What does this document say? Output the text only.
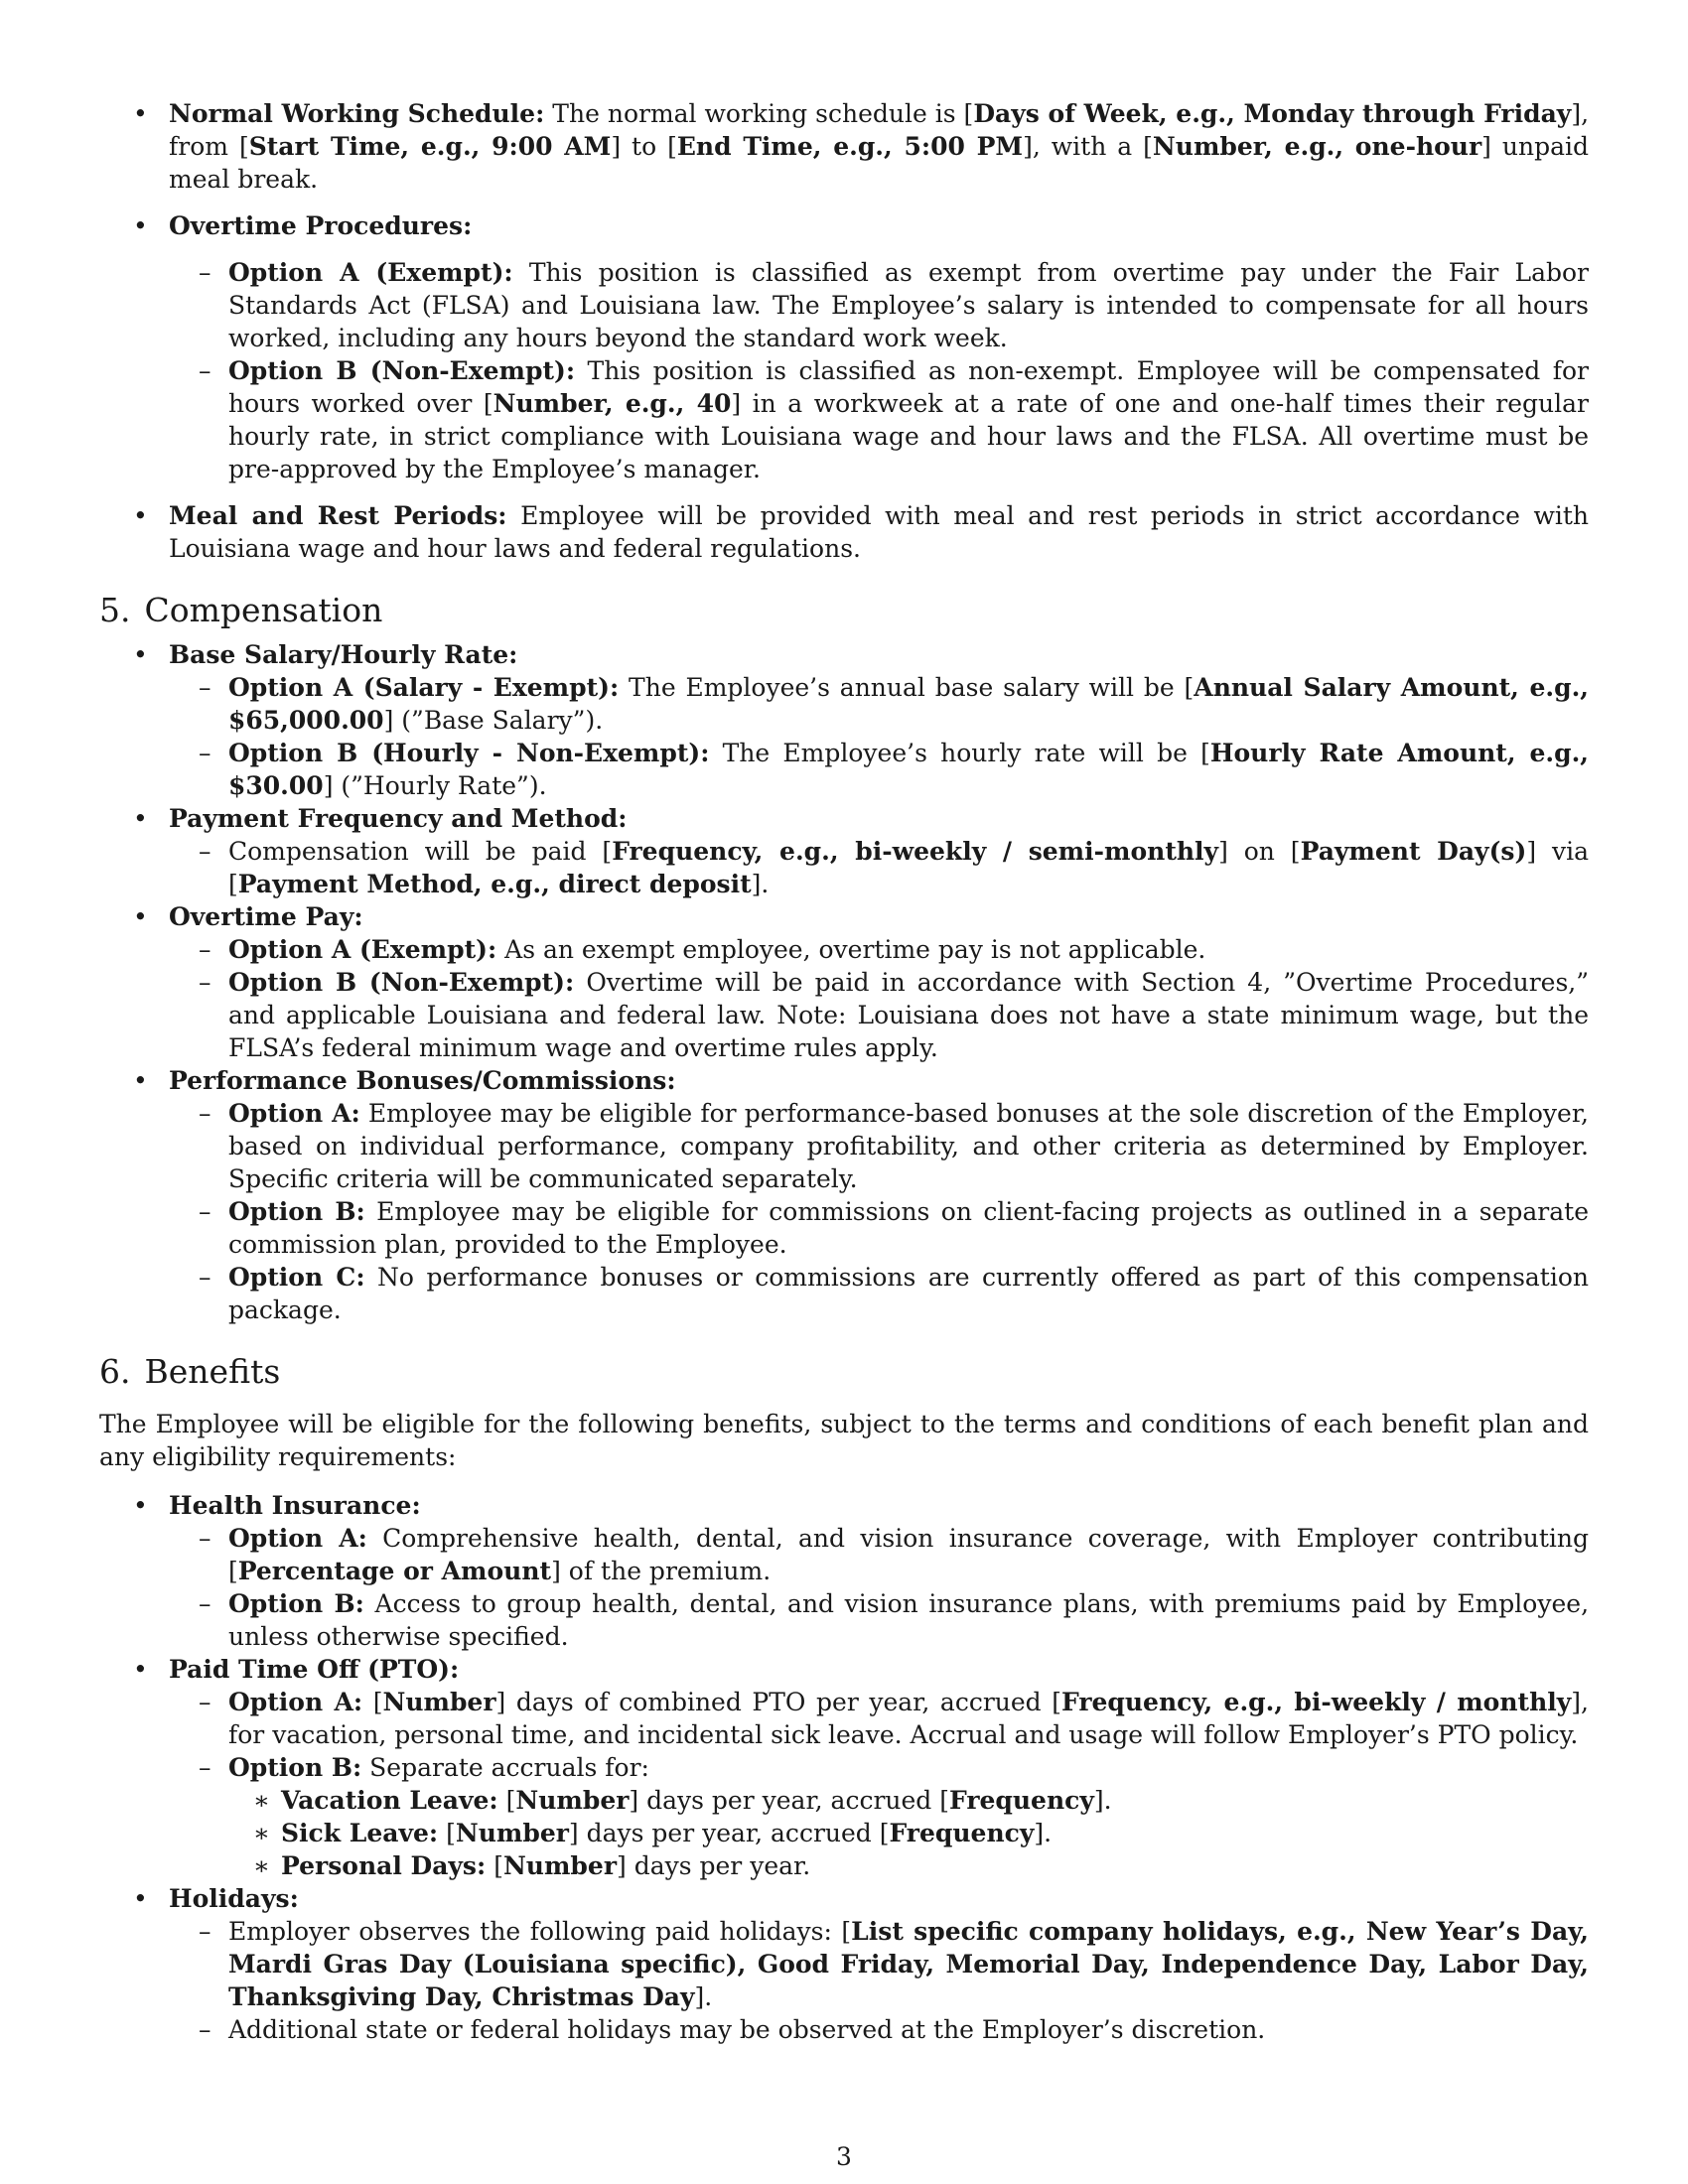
• Normal Working Schedule: The normal working schedule is [Days of Week, e.g., Monday through Friday], from [Start Time, e.g., 9:00 AM] to [End Time, e.g., 5:00 PM], with a [Number, e.g., one-hour] unpaid meal break.
• Overtime Procedures:
– Option A (Exempt): This position is classified as exempt from overtime pay under the Fair Labor Standards Act (FLSA) and Louisiana law. The Employee’s salary is intended to compensate for all hours worked, including any hours beyond the standard work week.
– Option B (Non-Exempt): This position is classified as non-exempt. Employee will be compensated for hours worked over [Number, e.g., 40] in a workweek at a rate of one and one-half times their regular hourly rate, in strict compliance with Louisiana wage and hour laws and the FLSA. All overtime must be pre-approved by the Employee’s manager.
• Meal and Rest Periods: Employee will be provided with meal and rest periods in strict accordance with Louisiana wage and hour laws and federal regulations.
5. Compensation
• Base Salary/Hourly Rate:
– Option A (Salary - Exempt): The Employee’s annual base salary will be [Annual Salary Amount, e.g., $65,000.00] (”Base Salary”).
– Option B (Hourly - Non-Exempt): The Employee’s hourly rate will be [Hourly Rate Amount, e.g., $30.00] (”Hourly Rate”).
• Payment Frequency and Method:
– Compensation will be paid [Frequency, e.g., bi-weekly / semi-monthly] on [Payment Day(s)] via [Payment Method, e.g., direct deposit].
• Overtime Pay:
– Option A (Exempt): As an exempt employee, overtime pay is not applicable.
– Option B (Non-Exempt): Overtime will be paid in accordance with Section 4, ”Overtime Procedures,” and applicable Louisiana and federal law. Note: Louisiana does not have a state minimum wage, but the FLSA’s federal minimum wage and overtime rules apply.
• Performance Bonuses/Commissions:
– Option A: Employee may be eligible for performance-based bonuses at the sole discretion of the Employer, based on individual performance, company profitability, and other criteria as determined by Employer. Specific criteria will be communicated separately.
– Option B: Employee may be eligible for commissions on client-facing projects as outlined in a separate commission plan, provided to the Employee.
– Option C: No performance bonuses or commissions are currently offered as part of this compensation package.
6. Benefits

The Employee will be eligible for the following benefits, subject to the terms and conditions of each benefit plan and any eligibility requirements:

• Health Insurance:
– Option A: Comprehensive health, dental, and vision insurance coverage, with Employer contributing [Percentage or Amount] of the premium.
– Option B: Access to group health, dental, and vision insurance plans, with premiums paid by Employee, unless otherwise specified.
• Paid Time Off (PTO):
– Option A: [Number] days of combined PTO per year, accrued [Frequency, e.g., bi-weekly / monthly], for vacation, personal time, and incidental sick leave. Accrual and usage will follow Employer’s PTO policy.
– Option B: Separate accruals for:
∗ Vacation Leave: [Number] days per year, accrued [Frequency].
∗ Sick Leave: [Number] days per year, accrued [Frequency].
∗ Personal Days: [Number] days per year.
• Holidays:
– Employer observes the following paid holidays: [List specific company holidays, e.g., New Year’s Day, Mardi Gras Day (Louisiana specific), Good Friday, Memorial Day, Independence Day, Labor Day, Thanksgiving Day, Christmas Day].
– Additional state or federal holidays may be observed at the Employer’s discretion.
3
